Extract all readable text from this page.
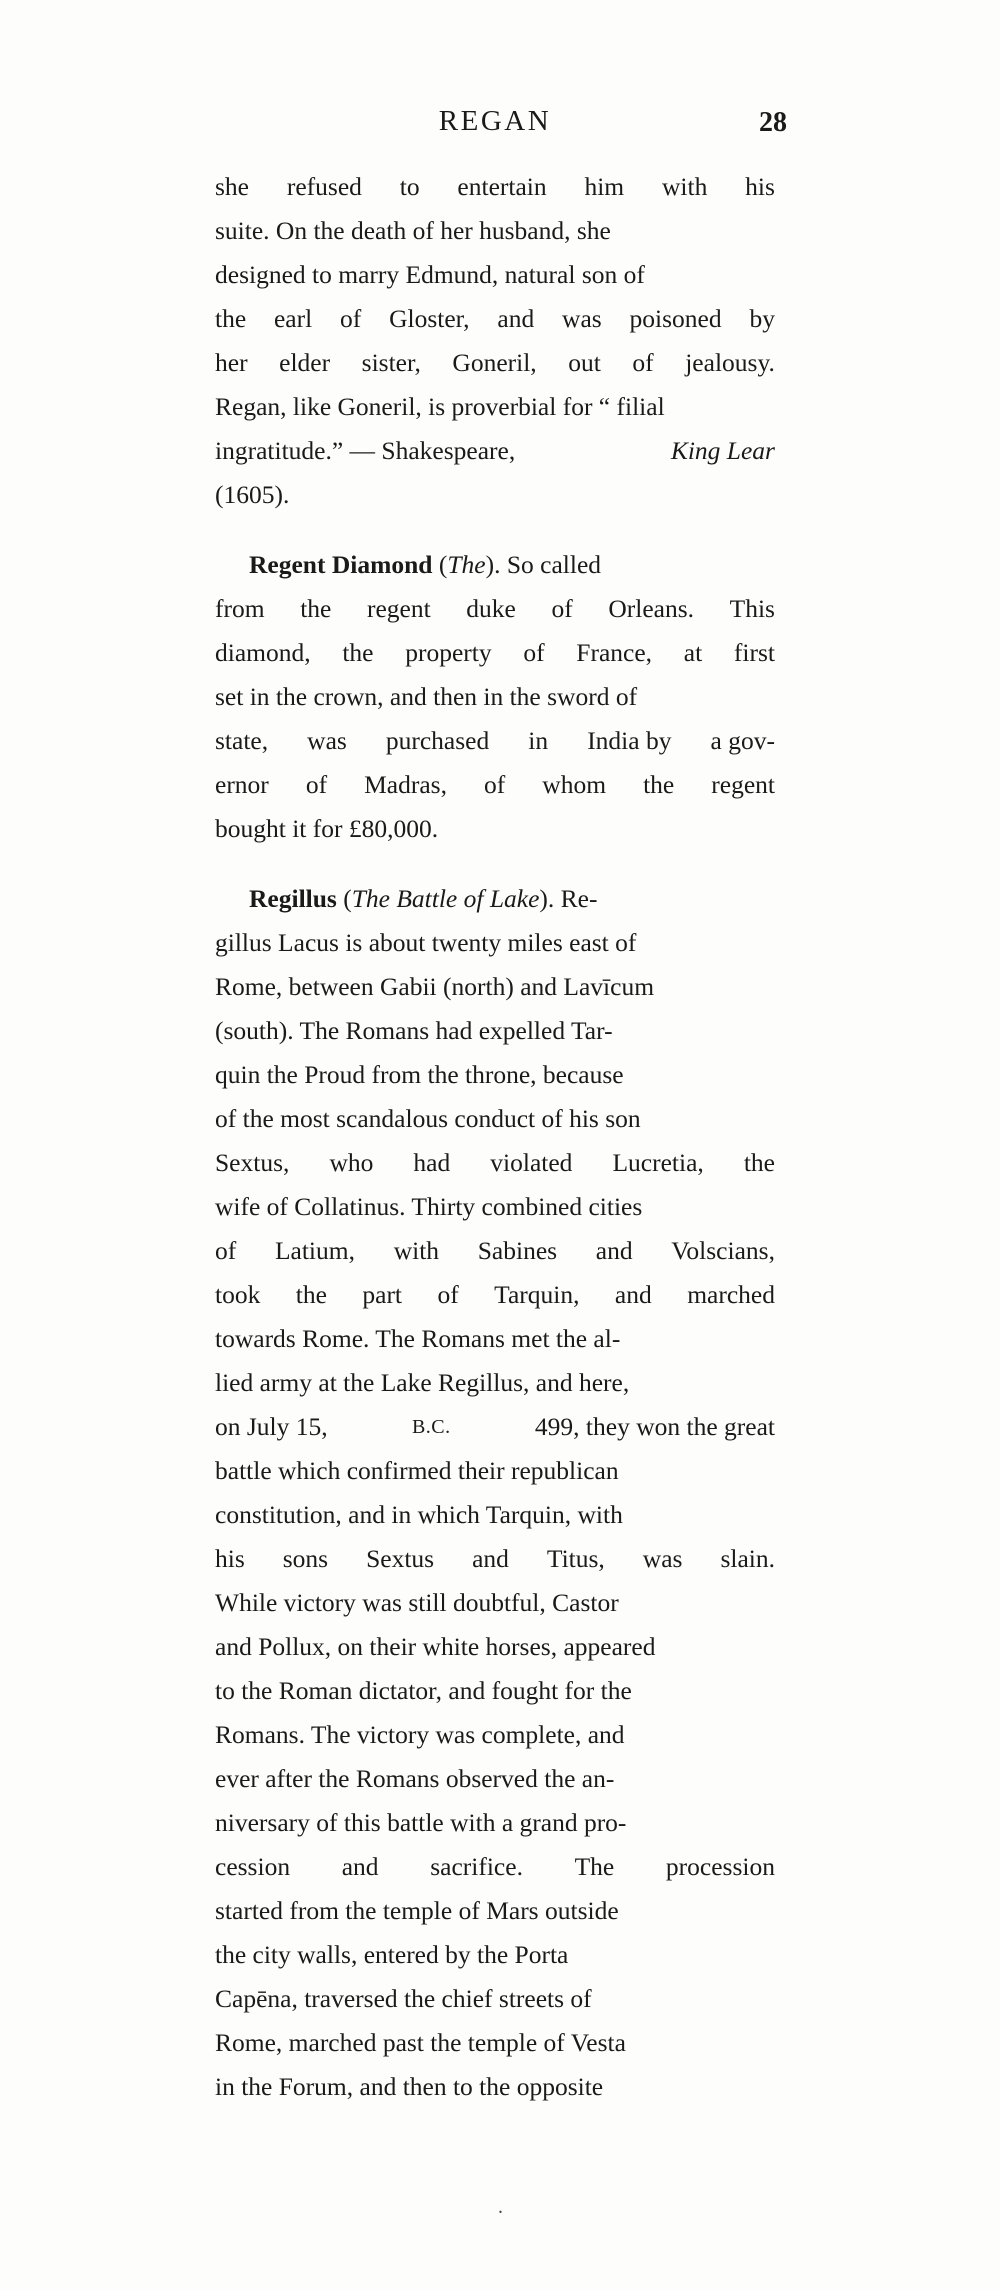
REGAN	28

she refused to entertain him with his
suite. On the death of her husband, she
designed to marry Edmund, natural son of
the earl of Gloster, and was poisoned by
her elder sister, Goneril, out of jealousy.
Regan, like Goneril, is proverbial for “ filial
ingratitude.” — Shakespeare,	King Lear
(1605).

Regent Diamond (The). So called
from the regent duke of Orleans. This
diamond, the property of France, at first
set in the crown, and then in the sword of
state, was purchased in India by a gov-
ernor of Madras, of whom the regent
bought it for £80,000.

Regillus (The Battle of Lake). Re-
gillus Lacus is about twenty miles east of
Rome, between Gabii (north) and Lavīcum
(south). The Romans had expelled Tar-
quin the Proud from the throne, because
of the most scandalous conduct of his son
Sextus, who had violated Lucretia, the
wife of Collatinus. Thirty combined cities
of Latium, with Sabines and Volscians,
took the part of Tarquin, and marched
towards Rome. The Romans met the al-
lied army at the Lake Regillus, and here,
on July 15,	B.C.	499, they won the great
battle which confirmed their republican
constitution, and in which Tarquin, with
his sons Sextus and Titus, was slain.
While victory was still doubtful, Castor
and Pollux, on their white horses, appeared
to the Roman dictator, and fought for the
Romans. The victory was complete, and
ever after the Romans observed the an-
niversary of this battle with a grand pro-
cession and sacrifice. The procession
started from the temple of Mars outside
the city walls, entered by the Porta
Capēna, traversed the chief streets of
Rome, marched past the temple of Vesta
in the Forum, and then to the opposite

.
